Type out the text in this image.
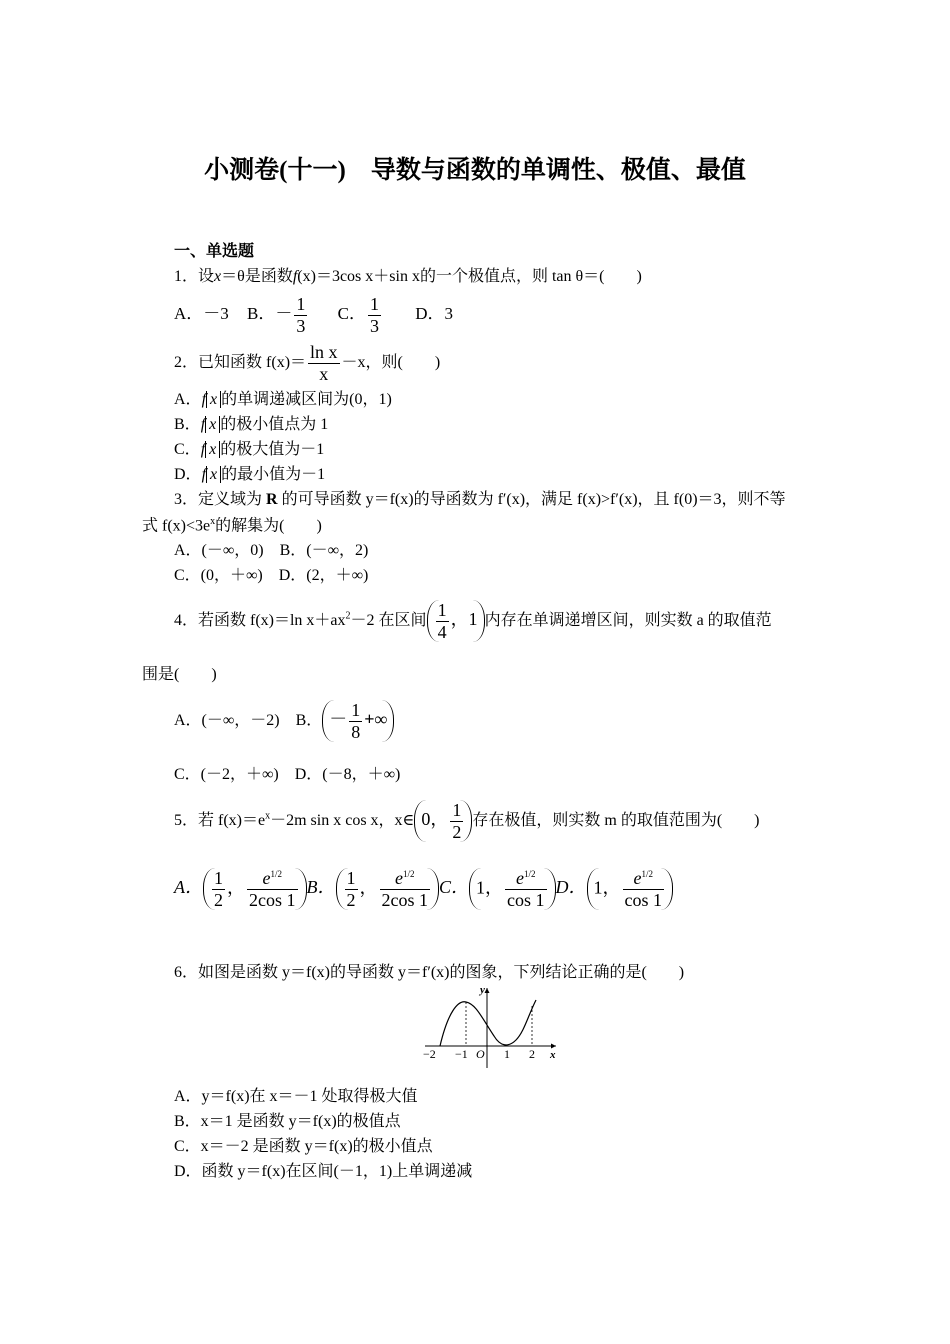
小测卷(十一)　导数与函数的单调性、极值、最值
一、单选题
1．设x＝θ是函数f(x)＝3cos x＋sin x的一个极值点，则 tan θ＝(　　)
A．－3 B．－ $\frac{1}{3}$ C． $\frac{1}{3}$ D．3
2．已知函数 $f(x)= \frac{\text{ln x}}{x} -x$，则(　　)
A．f x 的单调递减区间为(0，1)
B．f x 的极小值点为 1
C．f x 的极大值为－1
D．f x 的最小值为－1
3．定义域为 R 的可导函数 y＝f(x)的导函数为 f′(x)，满足 f(x)>f′(x)，且 f(0)＝3，则不等
式 $f(x)<3e^x$的解集为(　　)
A．(－∞，0)　B．(－∞，2)
C．(0，＋∞)　D．(2，＋∞)
4．若函数 f(x)＝ln $x+ax^2-2$ 在区间 $\frac{1}{4}$ ，1 内存在单调递增区间，则实数 a 的取值范
围是(　　)
A．(－∞，－2)　B． － $\frac{1}{8}$ +∞
C．(－2，＋∞)　D．(－8，＋∞)
5．若 $f(x)=e^x-2m$ sin x cos x，x∈ 0， $\frac{1}{2}$ 存在极值，则实数 m 的取值范围为(　　)
A． $\frac{1}{2}$ ， $\frac{e^{1/2}}{2\cos 1}$ B． $\frac{1}{2}$ ， $\frac{e^{1/2}}{2\cos 1}$ C． 1， $\frac{e^{1/2}}{\cos 1}$ D． 1， $\frac{e^{1/2}}{\cos 1}$
6．如图是函数 y＝f(x)的导函数 y＝f′(x)的图象，下列结论正确的是(　　)
y
x
−2 −1 O 1 2
A．y＝f(x)在 x＝－1 处取得极大值
B．x＝1 是函数 y＝f(x)的极值点
C．x＝－2 是函数 y＝f(x)的极小值点
D．函数 y＝f(x)在区间(－1，1)上单调递减
